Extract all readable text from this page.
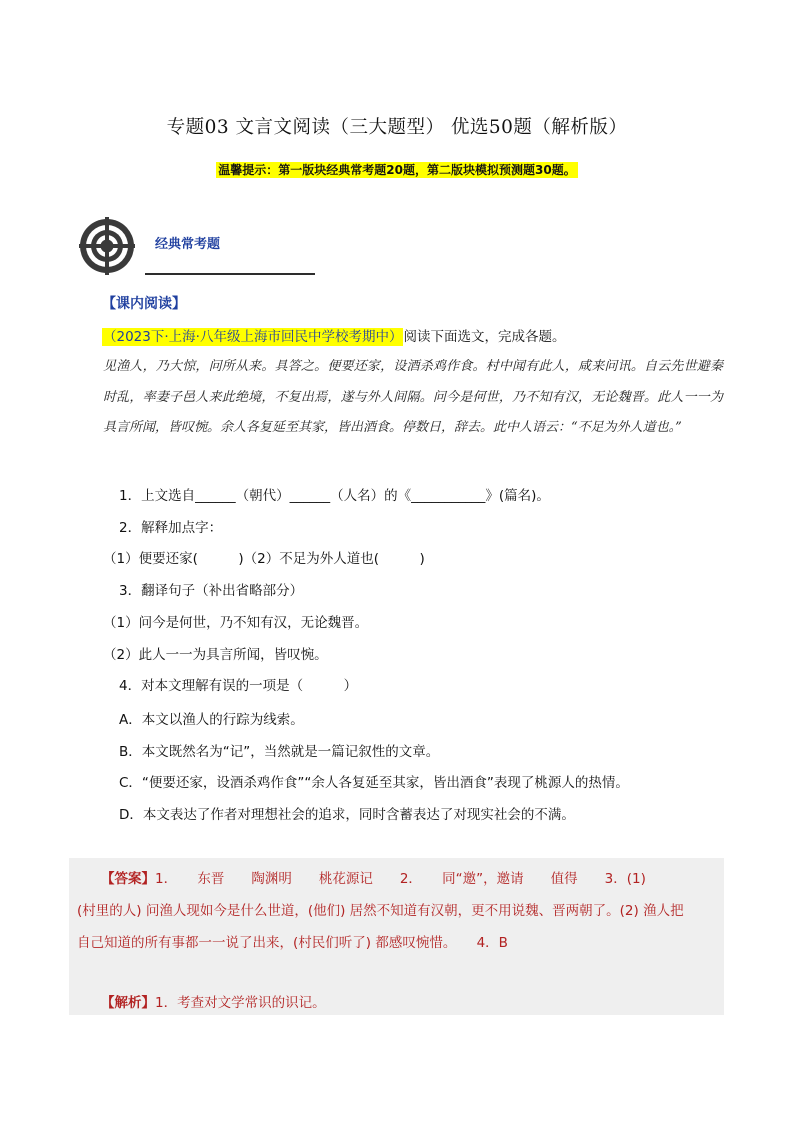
专题03 文言文阅读（三大题型） 优选50题（解析版）
温馨提示：第一版块经典常考题20题，第二版块模拟预测题30题。
经典常考题
【课内阅读】
（2023下·上海·八年级上海市回民中学校考期中）阅读下面选文，完成各题。
见渔人，乃大惊，问所从来。具答之。便要还家，设酒杀鸡作食。村中闻有此人，咸来问讯。自云先世避秦时乱，率妻子邑人来此绝境，不复出焉，遂与外人间隔。问今是何世，乃不知有汉，无论魏晋。此人一一为具言所闻，皆叹惋。余人各复延至其家，皆出酒食。停数日，辞去。此中人语云：“不足为外人道也。”
1．上文选自______（朝代）______（人名）的《___________》(篇名)。
2．解释加点字：
（1）便要还家(　　　)（2）不足为外人道也(　　　)
3．翻译句子（补出省略部分）
（1）问今是何世，乃不知有汉，无论魏晋。
（2）此人一一为具言所闻，皆叹惋。
4．对本文理解有误的一项是（　　　）
A．本文以渔人的行踪为线索。
B．本文既然名为“记”，当然就是一篇记叙性的文章。
C．“便要还家，设酒杀鸡作食”“余人各复延至其家，皆出酒食”表现了桃源人的热情。
D．本文表达了作者对理想社会的追求，同时含蓄表达了对现实社会的不满。
【答案】1．　　东晋　　陶渊明　　桃花源记　　2．　　同“邀”，邀请　　值得　　3．(1)
(村里的人) 问渔人现如今是什么世道，(他们) 居然不知道有汉朝，更不用说魏、晋两朝了。(2) 渔人把
自己知道的所有事都一一说了出来，(村民们听了) 都感叹惋惜。　　4．B
【解析】1．考查对文学常识的识记。
